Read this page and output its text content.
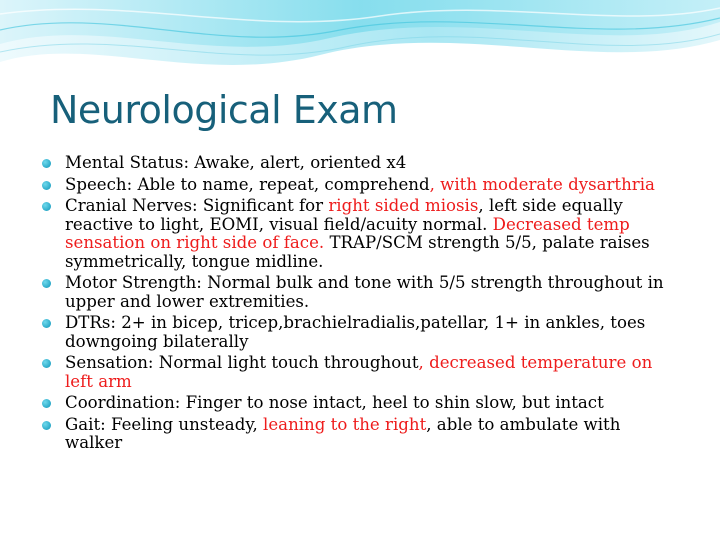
Neurological Exam
Mental Status: Awake, alert, oriented x4
Speech: Able to name, repeat, comprehend, with moderate dysarthria
Cranial Nerves: Significant for right sided miosis, left side equally reactive to light, EOMI, visual field/acuity normal. Decreased temp sensation on right side of face. TRAP/SCM strength 5/5, palate raises symmetrically, tongue midline.
Motor Strength: Normal bulk and tone with 5/5 strength throughout in upper and lower extremities.
DTRs: 2+ in bicep, tricep,brachielradialis,patellar, 1+ in ankles, toes downgoing bilaterally
Sensation: Normal light touch throughout, decreased temperature on left arm
Coordination: Finger to nose intact, heel to shin slow, but intact
Gait: Feeling unsteady, leaning to the right, able to ambulate with walker
